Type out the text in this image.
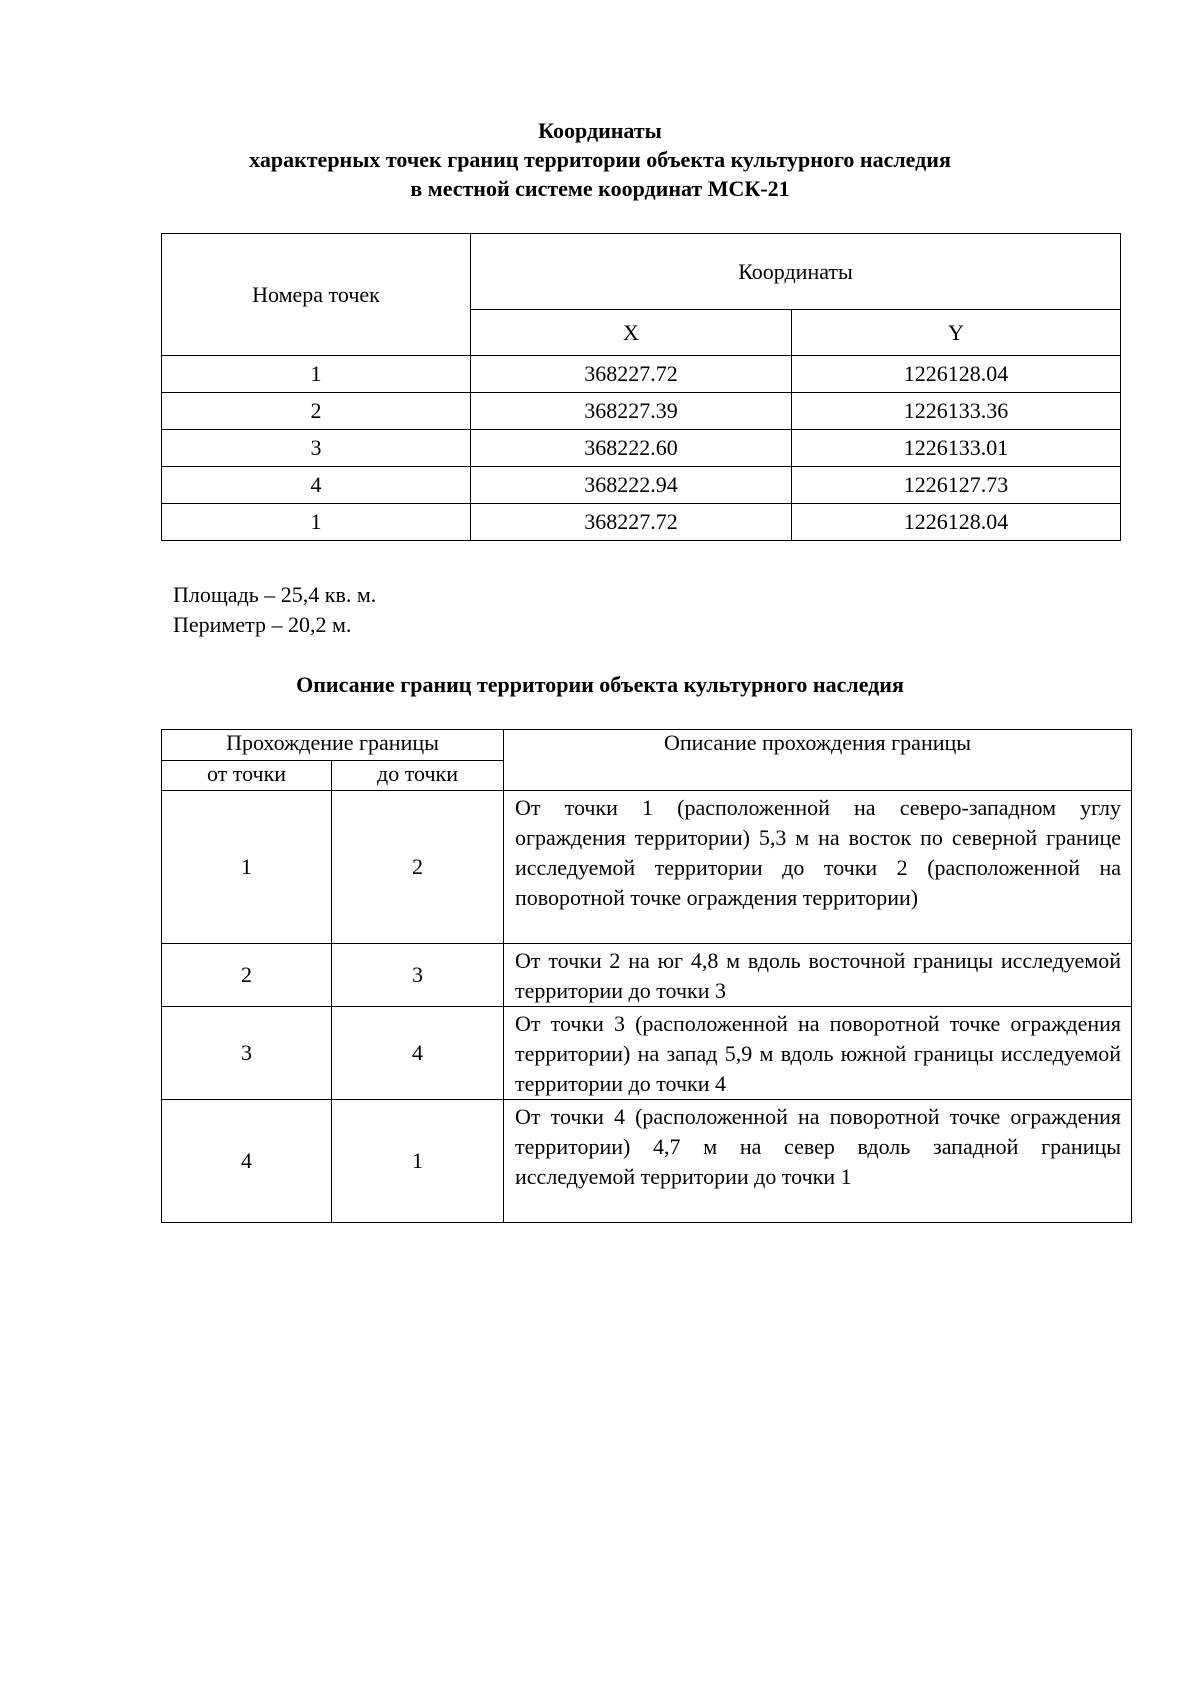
Координаты
характерных точек границ территории объекта культурного наследия
в местной системе координат МСК-21
Номера точек	Координаты	
	X	Y
1	368227.72	1226128.04
2	368227.39	1226133.36
3	368222.60	1226133.01
4	368222.94	1226127.73
1	368227.72	1226128.04
Площадь – 25,4 кв. м.
Периметр – 20,2 м.
Описание границ территории объекта культурного наследия
Прохождение границы		Описание прохождения границы
от точки	до точки	
1	2	От точки 1 (расположенной на северо-западном углу ограждения территории) 5,3 м на восток по северной границе исследуемой территории до точки 2 (расположенной на поворотной точке ограждения территории)
2	3	От точки 2 на юг 4,8 м вдоль восточной границы исследуемой территории до точки 3
3	4	От точки 3 (расположенной на поворотной точке ограждения территории) на запад 5,9 м вдоль южной границы исследуемой территории до точки 4
4	1	От точки 4 (расположенной на поворотной точке ограждения территории) 4,7 м на север вдоль западной границы исследуемой территории до точки 1
